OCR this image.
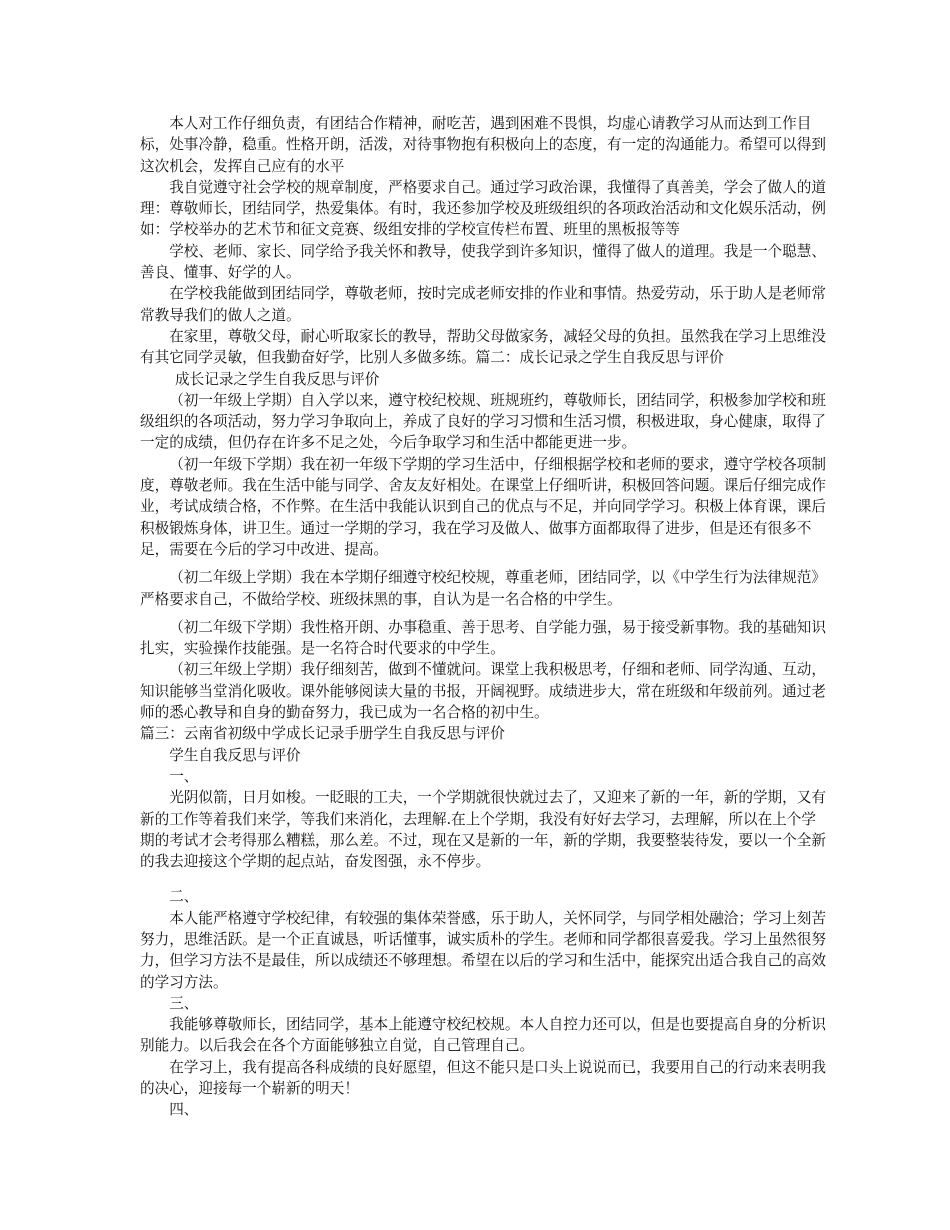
本人对工作仔细负责，有团结合作精神，耐吃苦，遇到困难不畏惧，均虚心请教学习从而达到工作目标，处事冷静，稳重。性格开朗，活泼，对待事物抱有积极向上的态度，有一定的沟通能力。希望可以得到这次机会，发挥自己应有的水平

我自觉遵守社会学校的规章制度，严格要求自己。通过学习政治课，我懂得了真善美，学会了做人的道理：尊敬师长，团结同学，热爱集体。有时，我还参加学校及班级组织的各项政治活动和文化娱乐活动，例如：学校举办的艺术节和征文竞赛、级组安排的学校宣传栏布置、班里的黑板报等等

学校、老师、家长、同学给予我关怀和教导，使我学到许多知识，懂得了做人的道理。我是一个聪慧、善良、懂事、好学的人。

在学校我能做到团结同学，尊敬老师，按时完成老师安排的作业和事情。热爱劳动，乐于助人是老师常常教导我们的做人之道。

在家里，尊敬父母，耐心听取家长的教导，帮助父母做家务，减轻父母的负担。虽然我在学习上思维没有其它同学灵敏，但我勤奋好学，比别人多做多练。篇二：成长记录之学生自我反思与评价

成长记录之学生自我反思与评价

（初一年级上学期）自入学以来，遵守校纪校规、班规班约，尊敬师长，团结同学，积极参加学校和班级组织的各项活动，努力学习争取向上，养成了良好的学习习惯和生活习惯，积极进取，身心健康，取得了一定的成绩，但仍存在许多不足之处，今后争取学习和生活中都能更进一步。

（初一年级下学期）我在初一年级下学期的学习生活中，仔细根据学校和老师的要求，遵守学校各项制度，尊敬老师。我在生活中能与同学、舍友友好相处。在课堂上仔细听讲，积极回答问题。课后仔细完成作业，考试成绩合格，不作弊。在生活中我能认识到自己的优点与不足，并向同学学习。积极上体育课，课后积极锻炼身体，讲卫生。通过一学期的学习，我在学习及做人、做事方面都取得了进步，但是还有很多不足，需要在今后的学习中改进、提高。

（初二年级上学期）我在本学期仔细遵守校纪校规，尊重老师，团结同学，以《中学生行为法律规范》严格要求自己，不做给学校、班级抹黑的事，自认为是一名合格的中学生。

（初二年级下学期）我性格开朗、办事稳重、善于思考、自学能力强，易于接受新事物。我的基础知识扎实，实验操作技能强。是一名符合时代要求的中学生。

（初三年级上学期）我仔细刻苦，做到不懂就问。课堂上我积极思考，仔细和老师、同学沟通、互动，知识能够当堂消化吸收。课外能够阅读大量的书报，开阔视野。成绩进步大，常在班级和年级前列。通过老师的悉心教导和自身的勤奋努力，我已成为一名合格的初中生。

篇三：云南省初级中学成长记录手册学生自我反思与评价

学生自我反思与评价

一、

光阴似箭，日月如梭。一眨眼的工夫，一个学期就很快就过去了，又迎来了新的一年，新的学期，又有新的工作等着我们来学，等我们来消化，去理解.在上个学期，我没有好好去学习，去理解，所以在上个学期的考试才会考得那么糟糕，那么差。不过，现在又是新的一年，新的学期，我要整装待发，要以一个全新的我去迎接这个学期的起点站，奋发图强，永不停步。

二、

本人能严格遵守学校纪律，有较强的集体荣誉感，乐于助人，关怀同学，与同学相处融洽；学习上刻苦努力，思维活跃。是一个正直诚恳，听话懂事，诚实质朴的学生。老师和同学都很喜爱我。学习上虽然很努力，但学习方法不是最佳，所以成绩还不够理想。希望在以后的学习和生活中，能探究出适合我自己的高效的学习方法。

三、

我能够尊敬师长，团结同学，基本上能遵守校纪校规。本人自控力还可以，但是也要提高自身的分析识别能力。以后我会在各个方面能够独立自觉，自己管理自己。

在学习上，我有提高各科成绩的良好愿望，但这不能只是口头上说说而已，我要用自己的行动来表明我的决心，迎接每一个崭新的明天！

四、
